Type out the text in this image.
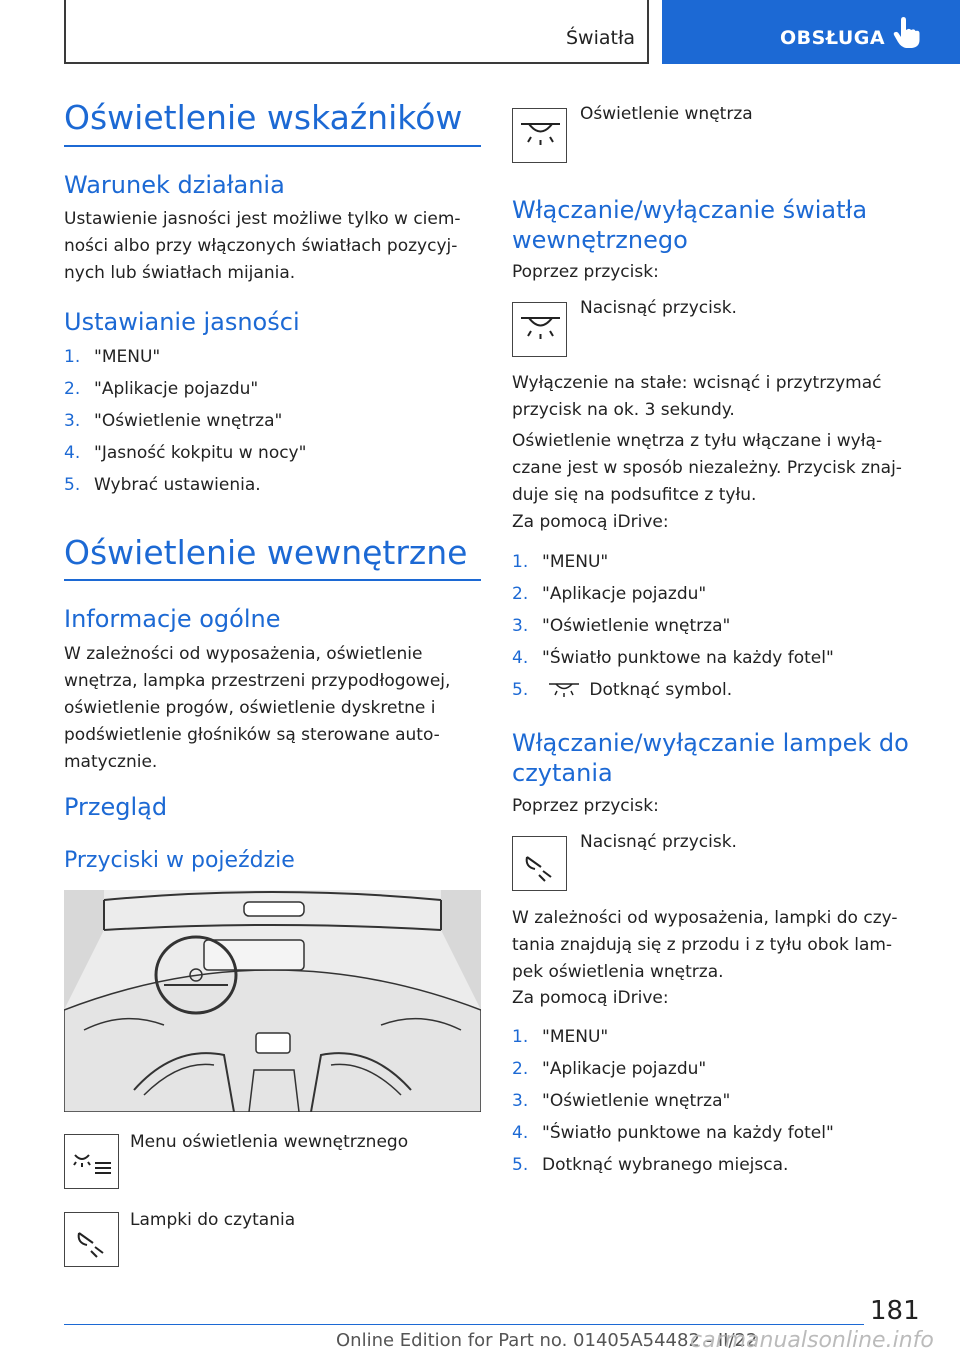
Światła	OBSŁUGA
Oświetlenie wskaźników
Warunek działania
Ustawienie jasności jest możliwe tylko w ciem-
ności albo przy włączonych światłach pozycyj-
nych lub światłach mijania.
Ustawianie jasności
1. "MENU"
2. "Aplikacje pojazdu"
3. "Oświetlenie wnętrza"
4. "Jasność kokpitu w nocy"
5. Wybrać ustawienia.
Oświetlenie wewnętrzne
Informacje ogólne
W zależności od wyposażenia, oświetlenie
wnętrza, lampka przestrzeni przypodłogowej,
oświetlenie progów, oświetlenie dyskretne i
podświetlenie głośników są sterowane auto-
matycznie.
Przegląd
Przyciski w pojeździe
Menu oświetlenia wewnętrznego
Lampki do czytania
Oświetlenie wnętrza
Włączanie/wyłączanie światła
wewnętrznego
Poprzez przycisk:
Nacisnąć przycisk.
Wyłączenie na stałe: wcisnąć i przytrzymać
przycisk na ok. 3 sekundy.
Oświetlenie wnętrza z tyłu włączane i wyłą-
czane jest w sposób niezależny. Przycisk znaj-
duje się na podsufitce z tyłu.
Za pomocą iDrive:
1. "MENU"
2. "Aplikacje pojazdu"
3. "Oświetlenie wnętrza"
4. "Światło punktowe na każdy fotel"
5.	Dotknąć symbol.
Włączanie/wyłączanie lampek do
czytania
Poprzez przycisk:
Nacisnąć przycisk.
W zależności od wyposażenia, lampki do czy-
tania znajdują się z przodu i z tyłu obok lam-
pek oświetlenia wnętrza.
Za pomocą iDrive:
1. "MENU"
2. "Aplikacje pojazdu"
3. "Oświetlenie wnętrza"
4. "Światło punktowe na każdy fotel"
5. Dotknąć wybranego miejsca.
181
Online Edition for Part no. 01405A54482 - II/22
carmanualsonline.info
